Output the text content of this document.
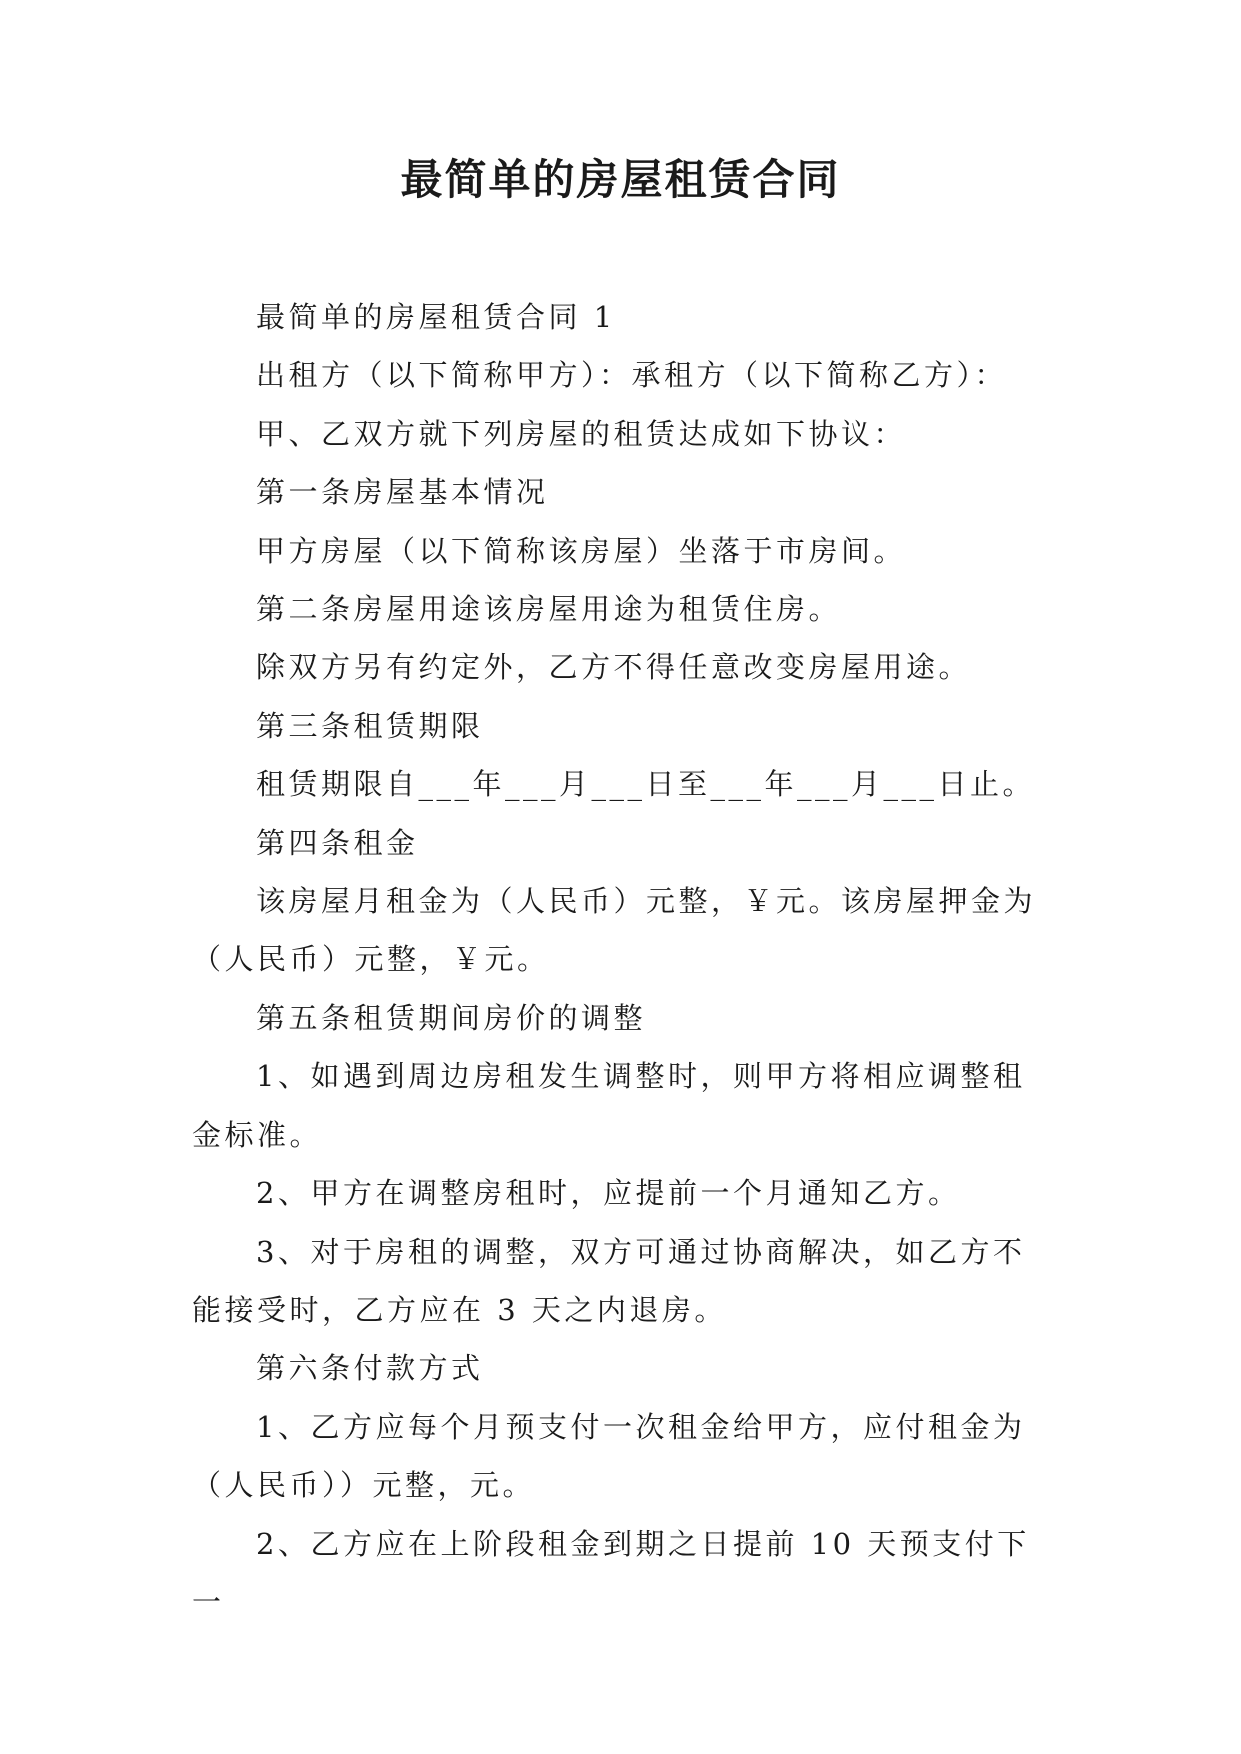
最简单的房屋租赁合同

最简单的房屋租赁合同 1

出租方（以下简称甲方）：承租方（以下简称乙方）：

甲、乙双方就下列房屋的租赁达成如下协议：

第一条房屋基本情况

甲方房屋（以下简称该房屋）坐落于市房间。

第二条房屋用途该房屋用途为租赁住房。

除双方另有约定外，乙方不得任意改变房屋用途。

第三条租赁期限

租赁期限自___年___月___日至___年___月___日止。

第四条租金

该房屋月租金为（人民币）元整，￥元。该房屋押金为（人民币）元整，￥元。

第五条租赁期间房价的调整

1、如遇到周边房租发生调整时，则甲方将相应调整租金标准。

2、甲方在调整房租时，应提前一个月通知乙方。

3、对于房租的调整，双方可通过协商解决，如乙方不能接受时，乙方应在 3 天之内退房。

第六条付款方式

1、乙方应每个月预支付一次租金给甲方，应付租金为（人民币））元整，元。

2、乙方应在上阶段租金到期之日提前 10 天预支付下一
